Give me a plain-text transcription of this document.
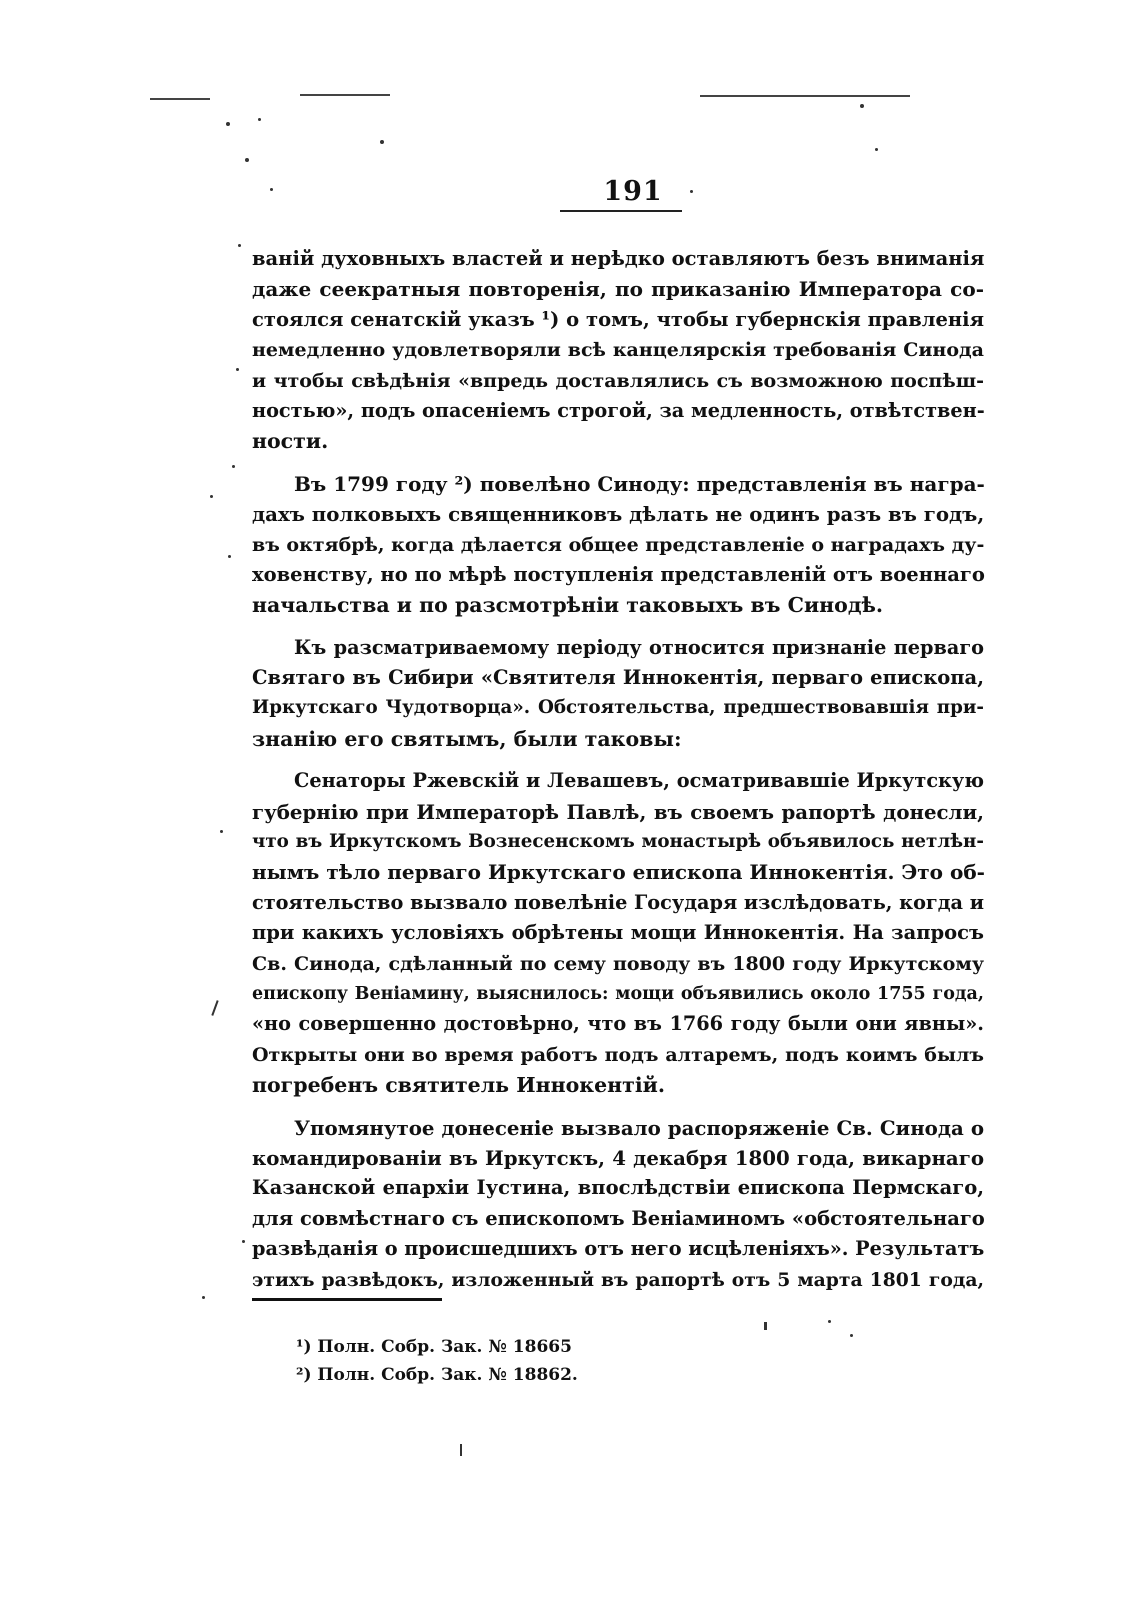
191

ванiй духовныхъ властей и нерѣдко оставляютъ безъ вниманiя
даже сеекратныя повторенiя, по приказанiю Императора со-
стоялся сенатскiй указъ ¹) о томъ, чтобы губернскiя правленiя
немедленно удовлетворяли всѣ канцелярскiя требованiя Синода
и чтобы свѣдѣнiя «впредь доставлялись съ возможною поспѣш-
ностью», подъ опасенiемъ строгой, за медленность, отвѣтствен-
ности.

Въ 1799 году ²) повелѣно Синоду: представленiя въ награ-
дахъ полковыхъ священниковъ дѣлать не одинъ разъ въ годъ,
въ октябрѣ, когда дѣлается общее представленiе о наградахъ ду-
ховенству, но по мѣрѣ поступленiя представленiй отъ военнаго
начальства и по разсмотрѣнiи таковыхъ въ Синодѣ.

Къ разсматриваемому перiоду относится признанiе перваго
Святаго въ Сибири «Святителя Иннокентiя, перваго епископа,
Иркутскаго Чудотворца». Обстоятельства, предшествовавшiя при-
знанiю его святымъ, были таковы:

Сенаторы Ржевскiй и Левашевъ, осматривавшiе Иркутскую
губернiю при Императорѣ Павлѣ, въ своемъ рапортѣ донесли,
что въ Иркутскомъ Вознесенскомъ монастырѣ объявилось нетлѣн-
нымъ тѣло перваго Иркутскаго епископа Иннокентiя. Это об-
стоятельство вызвало повелѣнiе Государя изслѣдовать, когда и
при какихъ условiяхъ обрѣтены мощи Иннокентiя. На запросъ
Св. Синода, сдѣланный по сему поводу въ 1800 году Иркутскому
епископу Венiамину, выяснилось: мощи объявились около 1755 года,
«но совершенно достовѣрно, что въ 1766 году были они явны».
Открыты они во время работъ подъ алтаремъ, подъ коимъ былъ
погребенъ святитель Иннокентiй.

Упомянутое донесенiе вызвало распоряженiе Св. Синода о
командированiи въ Иркутскъ, 4 декабря 1800 года, викарнаго
Казанской епархiи Iустина, впослѣдствiи епископа Пермскаго,
для совмѣстнаго съ епископомъ Венiаминомъ «обстоятельнаго
развѣданiя о происшедшихъ отъ него исцѣленiяхъ». Результатъ
этихъ развѣдокъ, изложенный въ рапортѣ отъ 5 марта 1801 года,

¹) Полн. Собр. Зак. № 18665
²) Полн. Собр. Зак. № 18862.
